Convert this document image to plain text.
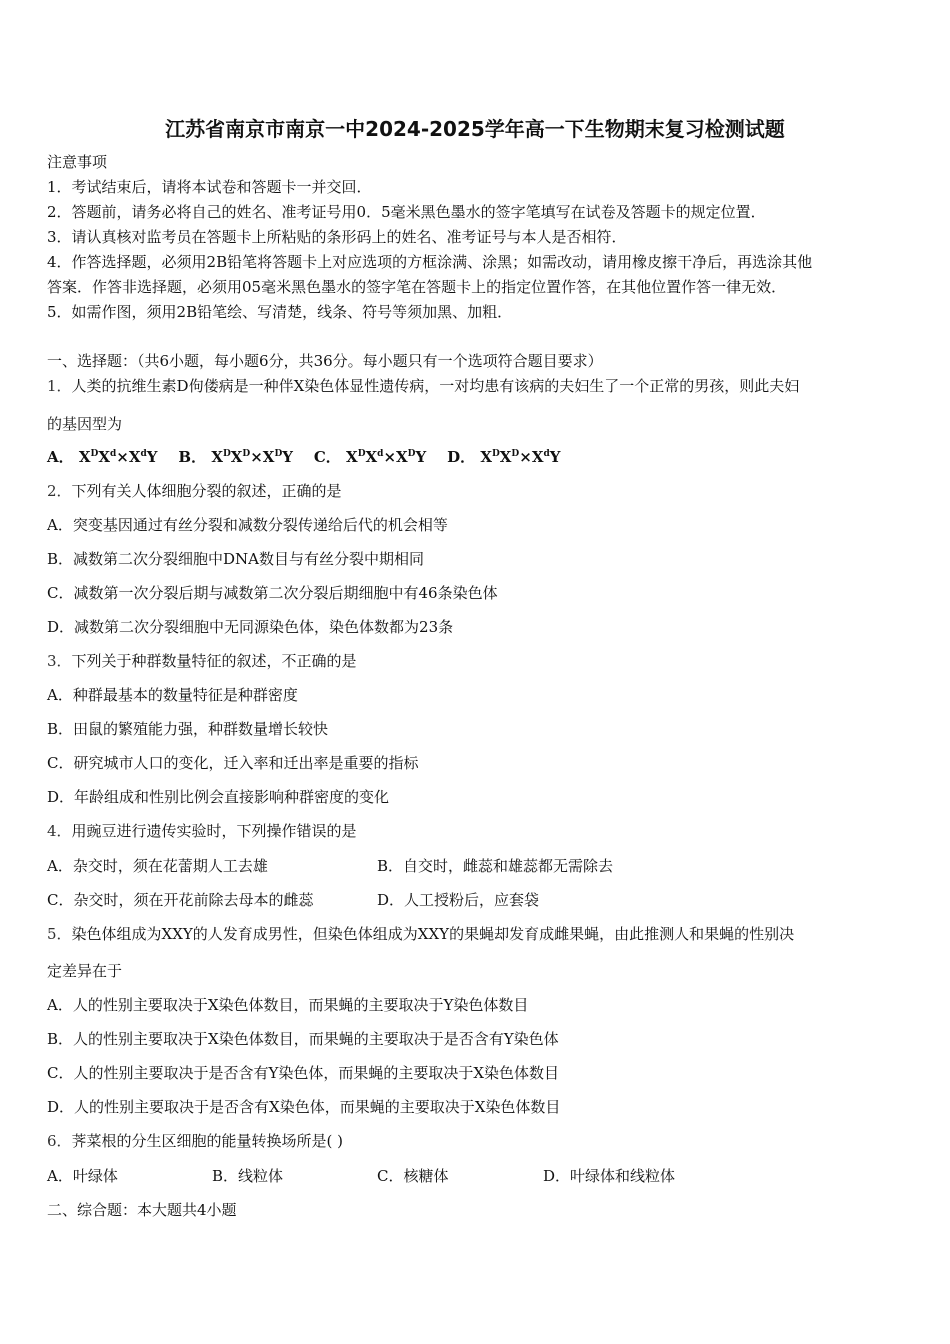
江苏省南京市南京一中2024-2025学年高一下生物期末复习检测试题
注意事项
1．考试结束后，请将本试卷和答题卡一并交回．
2．答题前，请务必将自己的姓名、准考证号用0．5毫米黑色墨水的签字笔填写在试卷及答题卡的规定位置．
3．请认真核对监考员在答题卡上所粘贴的条形码上的姓名、准考证号与本人是否相符．
4．作答选择题，必须用2B铅笔将答题卡上对应选项的方框涂满、涂黑；如需改动，请用橡皮擦干净后，再选涂其他
答案．作答非选择题，必须用05毫米黑色墨水的签字笔在答题卡上的指定位置作答，在其他位置作答一律无效．
5．如需作图，须用2B铅笔绘、写清楚，线条、符号等须加黑、加粗．
一、选择题：（共6小题，每小题6分，共36分。每小题只有一个选项符合题目要求）
1．人类的抗维生素D佝偻病是一种伴X染色体显性遗传病，一对均患有该病的夫妇生了一个正常的男孩，则此夫妇
的基因型为
A． $X^DX^d\times X^dY$ B． $X^DX^D\times X^DY$ C． $X^DX^d\times X^DY$ D． $X^DX^D\times X^dY$
2．下列有关人体细胞分裂的叙述，正确的是
A．突变基因通过有丝分裂和减数分裂传递给后代的机会相等
B．减数第二次分裂细胞中DNA数目与有丝分裂中期相同
C．减数第一次分裂后期与减数第二次分裂后期细胞中有46条染色体
D．减数第二次分裂细胞中无同源染色体，染色体数都为23条
3．下列关于种群数量特征的叙述，不正确的是
A．种群最基本的数量特征是种群密度
B．田鼠的繁殖能力强，种群数量增长较快
C．研究城市人口的变化，迁入率和迁出率是重要的指标
D．年龄组成和性别比例会直接影响种群密度的变化
4．用豌豆进行遗传实验时，下列操作错误的是
A．杂交时，须在花蕾期人工去雄	B．自交时，雌蕊和雄蕊都无需除去
C．杂交时，须在开花前除去母本的雌蕊	D．人工授粉后，应套袋
5．染色体组成为XXY的人发育成男性，但染色体组成为XXY的果蝇却发育成雌果蝇，由此推测人和果蝇的性别决
定差异在于
A．人的性别主要取决于X染色体数目，而果蝇的主要取决于Y染色体数目
B．人的性别主要取决于X染色体数目，而果蝇的主要取决于是否含有Y染色体
C．人的性别主要取决于是否含有Y染色体，而果蝇的主要取决于X染色体数目
D．人的性别主要取决于是否含有X染色体，而果蝇的主要取决于X染色体数目
6．荠菜根的分生区细胞的能量转换场所是( )
A．叶绿体	B．线粒体	C．核糖体	D．叶绿体和线粒体
二、综合题：本大题共4小题
